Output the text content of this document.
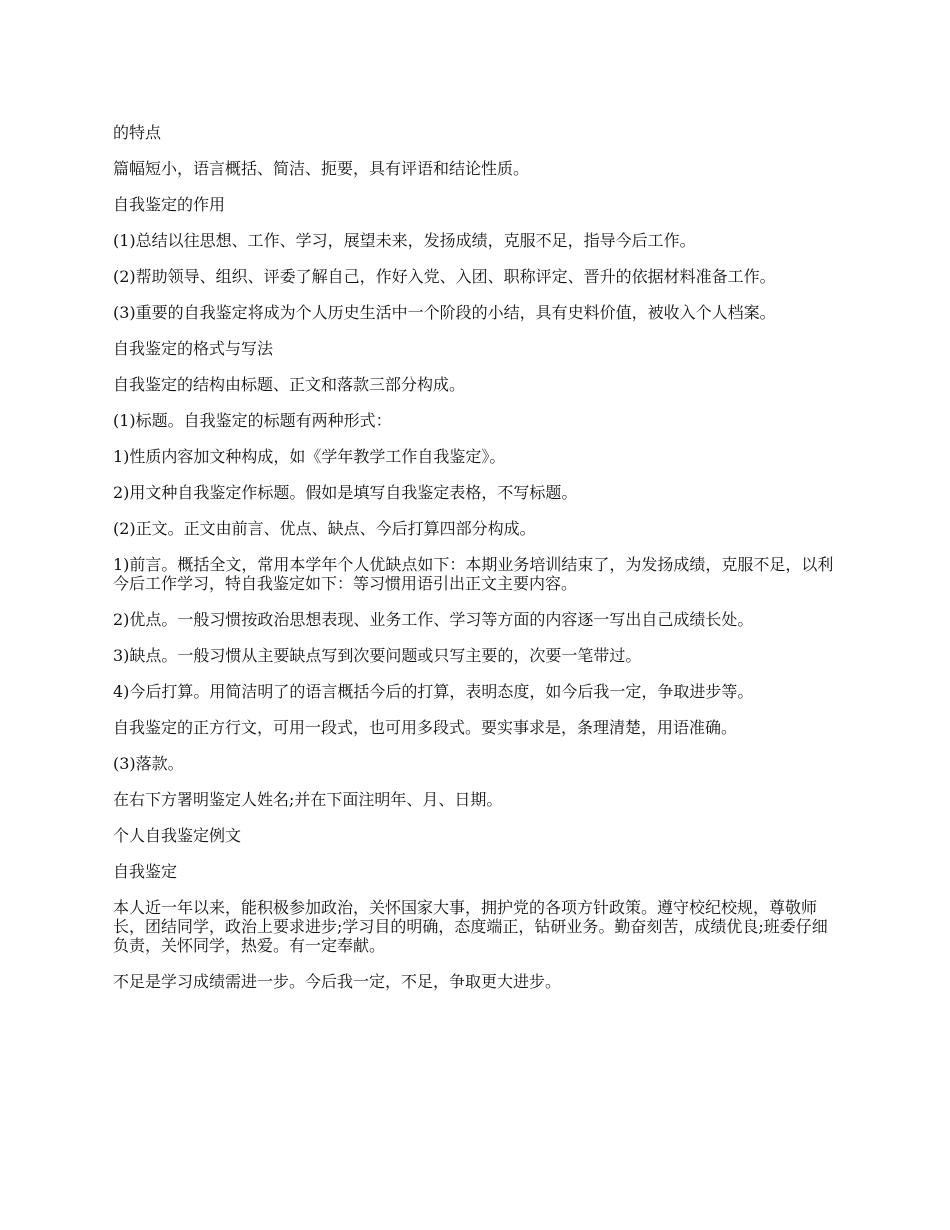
的特点

篇幅短小，语言概括、简洁、扼要，具有评语和结论性质。

自我鉴定的作用

(1)总结以往思想、工作、学习，展望未来，发扬成绩，克服不足，指导今后工作。

(2)帮助领导、组织、评委了解自己，作好入党、入团、职称评定、晋升的依据材料准备工作。

(3)重要的自我鉴定将成为个人历史生活中一个阶段的小结，具有史料价值，被收入个人档案。

自我鉴定的格式与写法

自我鉴定的结构由标题、正文和落款三部分构成。

(1)标题。自我鉴定的标题有两种形式：

1)性质内容加文种构成，如《学年教学工作自我鉴定》。

2)用文种自我鉴定作标题。假如是填写自我鉴定表格，不写标题。

(2)正文。正文由前言、优点、缺点、今后打算四部分构成。

1)前言。概括全文，常用本学年个人优缺点如下：本期业务培训结束了，为发扬成绩，克服不足，以利今后工作学习，特自我鉴定如下：等习惯用语引出正文主要内容。

2)优点。一般习惯按政治思想表现、业务工作、学习等方面的内容逐一写出自己成绩长处。

3)缺点。一般习惯从主要缺点写到次要问题或只写主要的，次要一笔带过。

4)今后打算。用简洁明了的语言概括今后的打算，表明态度，如今后我一定，争取进步等。

自我鉴定的正方行文，可用一段式，也可用多段式。要实事求是，条理清楚，用语准确。

(3)落款。

在右下方署明鉴定人姓名;并在下面注明年、月、日期。

个人自我鉴定例文

自我鉴定

本人近一年以来，能积极参加政治，关怀国家大事，拥护党的各项方针政策。遵守校纪校规，尊敬师长，团结同学，政治上要求进步;学习目的明确，态度端正，钻研业务。勤奋刻苦，成绩优良;班委仔细负责，关怀同学，热爱。有一定奉献。

不足是学习成绩需进一步。今后我一定，不足，争取更大进步。
